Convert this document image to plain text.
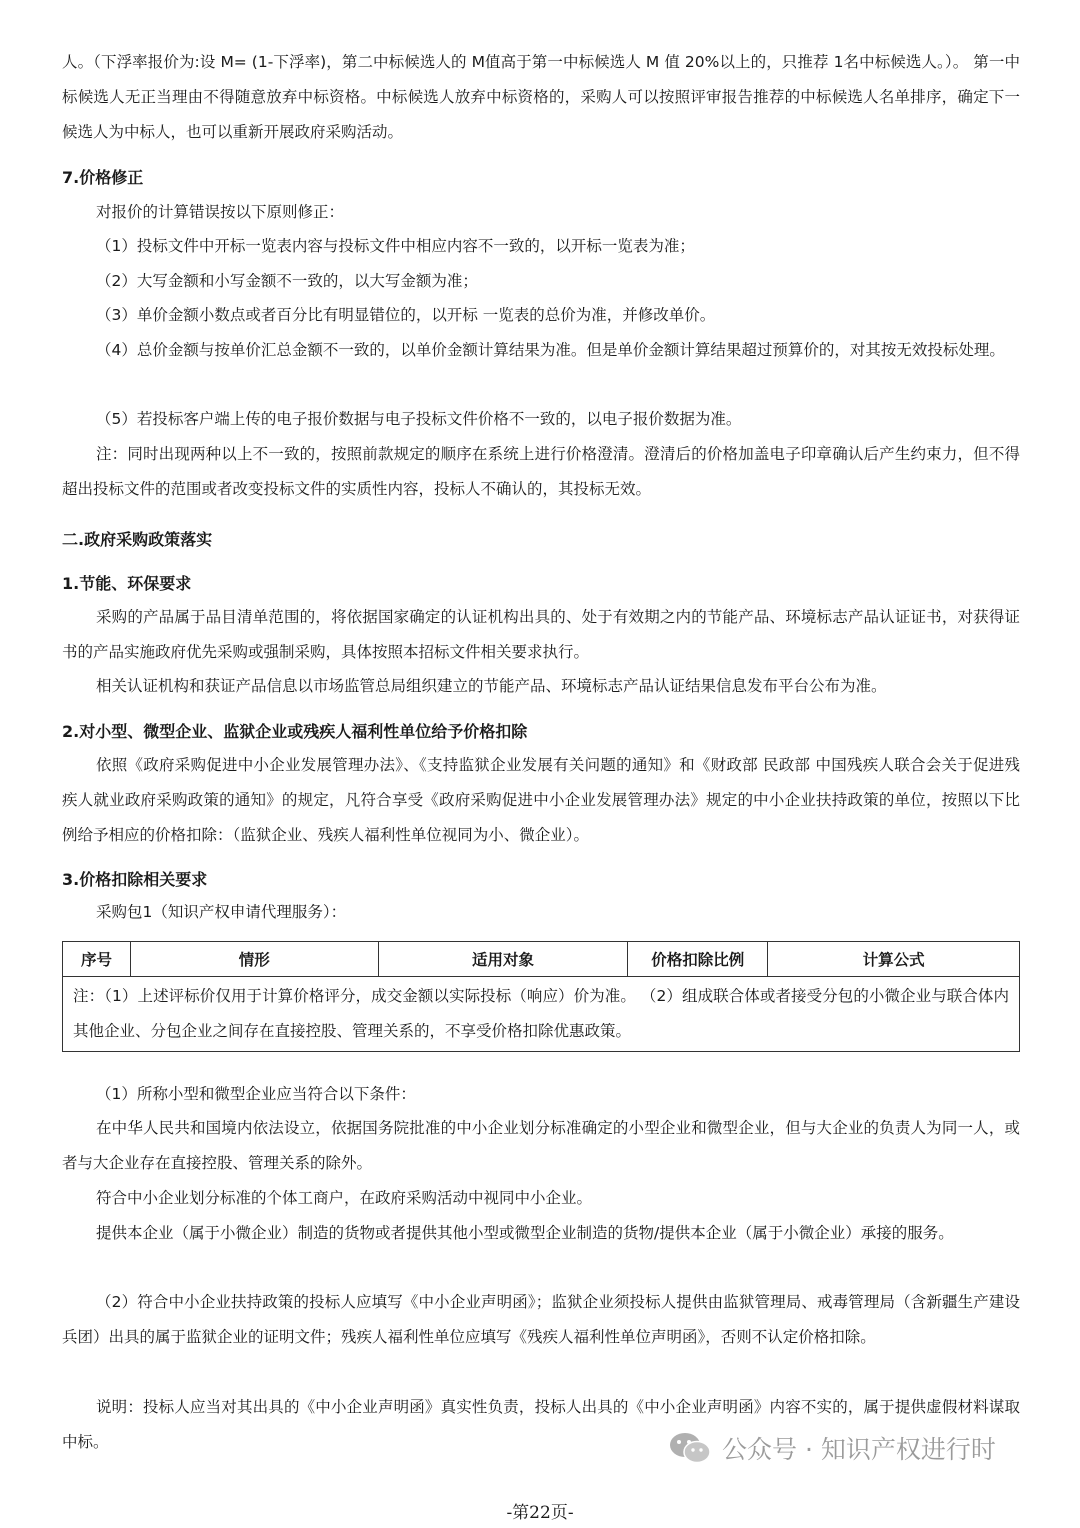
人。（下浮率报价为:设 M= (1-下浮率)，第二中标候选人的 M值高于第一中标候选人 M 值 20%以上的，只推荐 1名中标候选人。）。 第一中标候选人无正当理由不得随意放弃中标资格。中标候选人放弃中标资格的，采购人可以按照评审报告推荐的中标候选人名单排序，确定下一候选人为中标人，也可以重新开展政府采购活动。

7.价格修正

对报价的计算错误按以下原则修正：

（1）投标文件中开标一览表内容与投标文件中相应内容不一致的，以开标一览表为准；

（2）大写金额和小写金额不一致的，以大写金额为准；

（3）单价金额小数点或者百分比有明显错位的，以开标 一览表的总价为准，并修改单价。

（4）总价金额与按单价汇总金额不一致的，以单价金额计算结果为准。但是单价金额计算结果超过预算价的，对其按无效投标处理。

（5）若投标客户端上传的电子报价数据与电子投标文件价格不一致的，以电子报价数据为准。

注：同时出现两种以上不一致的，按照前款规定的顺序在系统上进行价格澄清。澄清后的价格加盖电子印章确认后产生约束力，但不得超出投标文件的范围或者改变投标文件的实质性内容，投标人不确认的，其投标无效。

二.政府采购政策落实

1.节能、环保要求

采购的产品属于品目清单范围的，将依据国家确定的认证机构出具的、处于有效期之内的节能产品、环境标志产品认证证书，对获得证书的产品实施政府优先采购或强制采购，具体按照本招标文件相关要求执行。

相关认证机构和获证产品信息以市场监管总局组织建立的节能产品、环境标志产品认证结果信息发布平台公布为准。

2.对小型、微型企业、监狱企业或残疾人福利性单位给予价格扣除

依照《政府采购促进中小企业发展管理办法》、《支持监狱企业发展有关问题的通知》和《财政部 民政部 中国残疾人联合会关于促进残疾人就业政府采购政策的通知》的规定，凡符合享受《政府采购促进中小企业发展管理办法》规定的中小企业扶持政策的单位，按照以下比例给予相应的价格扣除：（监狱企业、残疾人福利性单位视同为小、微企业）。

3.价格扣除相关要求

采购包1（知识产权申请代理服务）：

序号	情形	适用对象	价格扣除比例	计算公式
注：（1）上述评标价仅用于计算价格评分，成交金额以实际投标（响应）价为准。 （2）组成联合体或者接受分包的小微企业与联合体内其他企业、分包企业之间存在直接控股、管理关系的，不享受价格扣除优惠政策。

（1）所称小型和微型企业应当符合以下条件：

在中华人民共和国境内依法设立，依据国务院批准的中小企业划分标准确定的小型企业和微型企业，但与大企业的负责人为同一人，或者与大企业存在直接控股、管理关系的除外。

符合中小企业划分标准的个体工商户，在政府采购活动中视同中小企业。

提供本企业（属于小微企业）制造的货物或者提供其他小型或微型企业制造的货物/提供本企业（属于小微企业）承接的服务。

（2）符合中小企业扶持政策的投标人应填写《中小企业声明函》；监狱企业须投标人提供由监狱管理局、戒毒管理局（含新疆生产建设兵团）出具的属于监狱企业的证明文件；残疾人福利性单位应填写《残疾人福利性单位声明函》，否则不认定价格扣除。

说明：投标人应当对其出具的《中小企业声明函》真实性负责，投标人出具的《中小企业声明函》内容不实的，属于提供虚假材料谋取中标。	公众号 · 知识产权进行时
-第22页-
